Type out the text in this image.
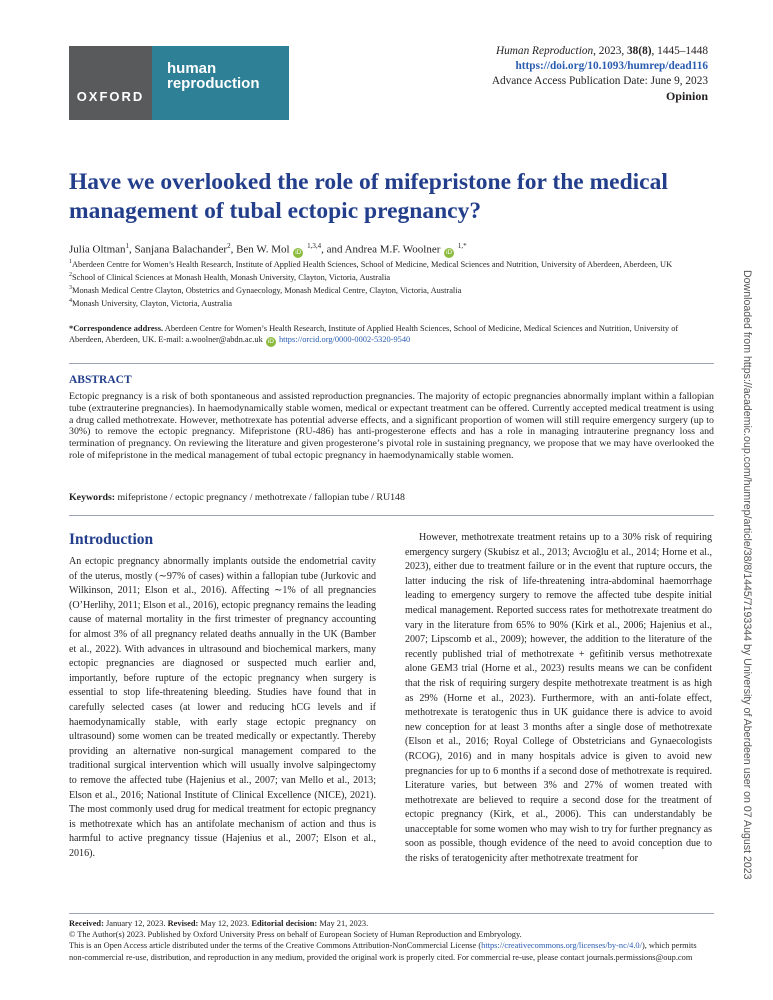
OXFORD
human
reproduction
Human Reproduction, 2023, 38(8), 1445–1448
https://doi.org/10.1093/humrep/dead116
Advance Access Publication Date: June 9, 2023
Opinion
Have we overlooked the role of mifepristone for the medical management of tubal ectopic pregnancy?
Julia Oltman$^1$, Sanjana Balachander$^2$, Ben W. Mol iD $^{1,3,4}$, and Andrea M.F. Woolner iD $^{1,*}$
$^1$Aberdeen Centre for Women’s Health Research, Institute of Applied Health Sciences, School of Medicine, Medical Sciences and Nutrition, University of Aberdeen, Aberdeen, UK
$^2$School of Clinical Sciences at Monash Health, Monash University, Clayton, Victoria, Australia
$^3$Monash Medical Centre Clayton, Obstetrics and Gynaecology, Monash Medical Centre, Clayton, Victoria, Australia
$^4$Monash University, Clayton, Victoria, Australia
*Correspondence address. Aberdeen Centre for Women’s Health Research, Institute of Applied Health Sciences, School of Medicine, Medical Sciences and Nutrition, University of Aberdeen, Aberdeen, UK. E-mail: a.woolner@abdn.ac.uk iD https://orcid.org/0000-0002-5320-9540
ABSTRACT
Ectopic pregnancy is a risk of both spontaneous and assisted reproduction pregnancies. The majority of ectopic pregnancies abnormally implant within a fallopian tube (extrauterine pregnancies). In haemodynamically stable women, medical or expectant treatment can be offered. Currently accepted medical treatment is using a drug called methotrexate. However, methotrexate has potential adverse effects, and a significant proportion of women will still require emergency surgery (up to 30%) to remove the ectopic pregnancy. Mifepristone (RU-486) has anti-progesterone effects and has a role in managing intrauterine pregnancy loss and termination of pregnancy. On reviewing the literature and given progesterone’s pivotal role in sustaining pregnancy, we propose that we may have overlooked the role of mifepristone in the medical management of tubal ectopic pregnancy in haemodynamically stable women.
Keywords: mifepristone / ectopic pregnancy / methotrexate / fallopian tube / RU148
Introduction

An ectopic pregnancy abnormally implants outside the endometrial cavity of the uterus, mostly (∼97% of cases) within a fallopian tube (Jurkovic and Wilkinson, 2011; Elson et al., 2016). Affecting ∼1% of all pregnancies (O’Herlihy, 2011; Elson et al., 2016), ectopic pregnancy remains the leading cause of maternal mortality in the first trimester of pregnancy accounting for almost 3% of all pregnancy related deaths annually in the UK (Bamber et al., 2022). With advances in ultrasound and biochemical markers, many ectopic pregnancies are diagnosed or suspected much earlier and, importantly, before rupture of the ectopic pregnancy when surgery is essential to stop life-threatening bleeding. Studies have found that in carefully selected cases (at lower and reducing hCG levels and if haemodynamically stable, with early stage ectopic pregnancy on ultrasound) some women can be treated medically or expectantly. Thereby providing an alternative non-surgical management compared to the traditional surgical intervention which will usually involve salpingectomy to remove the affected tube (Hajenius et al., 2007; van Mello et al., 2013; Elson et al., 2016; National Institute of Clinical Excellence (NICE), 2021). The most commonly used drug for medical treatment for ectopic pregnancy is methotrexate which has an antifolate mechanism of action and thus is harmful to active pregnancy tissue (Hajenius et al., 2007; Elson et al., 2016).

However, methotrexate treatment retains up to a 30% risk of requiring emergency surgery (Skubisz et al., 2013; Avcıoğlu et al., 2014; Horne et al., 2023), either due to treatment failure or in the event that rupture occurs, the latter inducing the risk of life-threatening intra-abdominal haemorrhage leading to emergency surgery to remove the affected tube despite initial medical management. Reported success rates for methotrexate treatment do vary in the literature from 65% to 90% (Kirk et al., 2006; Hajenius et al., 2007; Lipscomb et al., 2009); however, the addition to the literature of the recently published trial of methotrexate + gefitinib versus methotrexate alone GEM3 trial (Horne et al., 2023) results means we can be confident that the risk of requiring surgery despite methotrexate treatment is as high as 29% (Horne et al., 2023). Furthermore, with an anti-folate effect, methotrexate is teratogenic thus in UK guidance there is advice to avoid new conception for at least 3 months after a single dose of methotrexate (Elson et al., 2016; Royal College of Obstetricians and Gynaecologists (RCOG), 2016) and in many hospitals advice is given to avoid new pregnancies for up to 6 months if a second dose of methotrexate is required. Literature varies, but between 3% and 27% of women treated with methotrexate are believed to require a second dose for the treatment of ectopic pregnancy (Kirk, et al., 2006). This can understandably be unacceptable for some women who may wish to try for further pregnancy as soon as possible, though evidence of the need to avoid conception due to the risks of teratogenicity after methotrexate treatment for

Received: January 12, 2023. Revised: May 12, 2023. Editorial decision: May 21, 2023.
© The Author(s) 2023. Published by Oxford University Press on behalf of European Society of Human Reproduction and Embryology.
This is an Open Access article distributed under the terms of the Creative Commons Attribution-NonCommercial License (https://creativecommons.org/licenses/by-nc/4.0/), which permits non-commercial re-use, distribution, and reproduction in any medium, provided the original work is properly cited. For commercial re-use, please contact journals.permissions@oup.com
Downloaded from https://academic.oup.com/humrep/article/38/8/1445/7193344 by University of Aberdeen user on 07 August 2023
